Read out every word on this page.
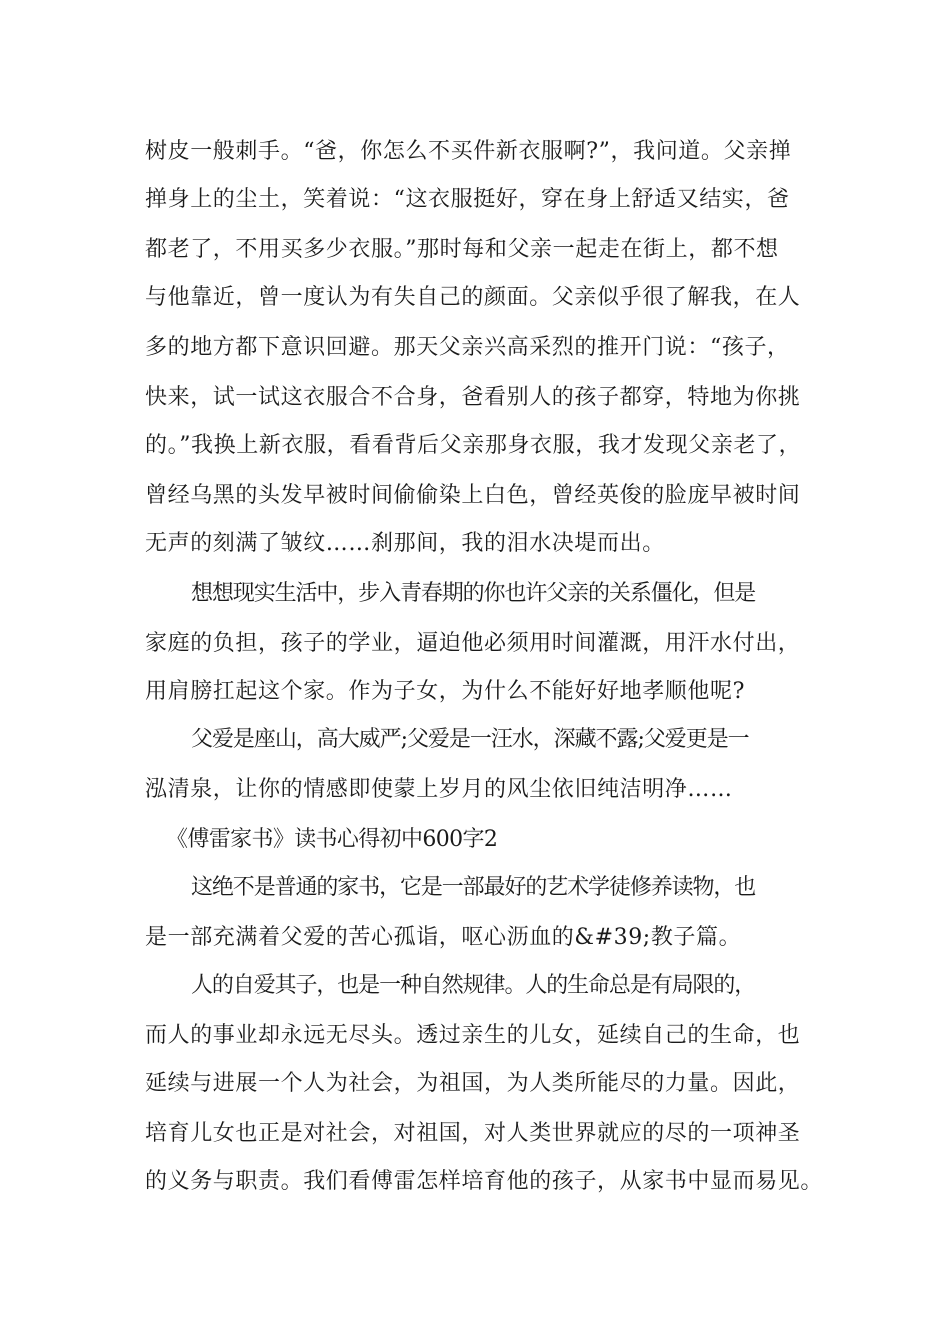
树皮一般刺手。“爸，你怎么不买件新衣服啊?”，我问道。父亲掸
掸身上的尘土，笑着说：“这衣服挺好，穿在身上舒适又结实，爸
都老了，不用买多少衣服。”那时每和父亲一起走在街上，都不想
与他靠近，曾一度认为有失自己的颜面。父亲似乎很了解我，在人
多的地方都下意识回避。那天父亲兴高采烈的推开门说：“孩子，
快来，试一试这衣服合不合身，爸看别人的孩子都穿，特地为你挑
的。”我换上新衣服，看看背后父亲那身衣服，我才发现父亲老了，
曾经乌黑的头发早被时间偷偷染上白色，曾经英俊的脸庞早被时间
无声的刻满了皱纹……刹那间，我的泪水决堤而出。
想想现实生活中，步入青春期的你也许父亲的关系僵化，但是
家庭的负担，孩子的学业，逼迫他必须用时间灌溉，用汗水付出，
用肩膀扛起这个家。作为子女，为什么不能好好地孝顺他呢?
父爱是座山，高大威严;父爱是一汪水，深藏不露;父爱更是一
泓清泉，让你的情感即使蒙上岁月的风尘依旧纯洁明净……
《傅雷家书》读书心得初中600字2
这绝不是普通的家书，它是一部最好的艺术学徒修养读物，也
是一部充满着父爱的苦心孤诣，呕心沥血的&#39;教子篇。
人的自爱其子，也是一种自然规律。人的生命总是有局限的，
而人的事业却永远无尽头。透过亲生的儿女，延续自己的生命，也
延续与进展一个人为社会，为祖国，为人类所能尽的力量。因此，
培育儿女也正是对社会，对祖国，对人类世界就应的尽的一项神圣
的义务与职责。我们看傅雷怎样培育他的孩子，从家书中显而易见。
